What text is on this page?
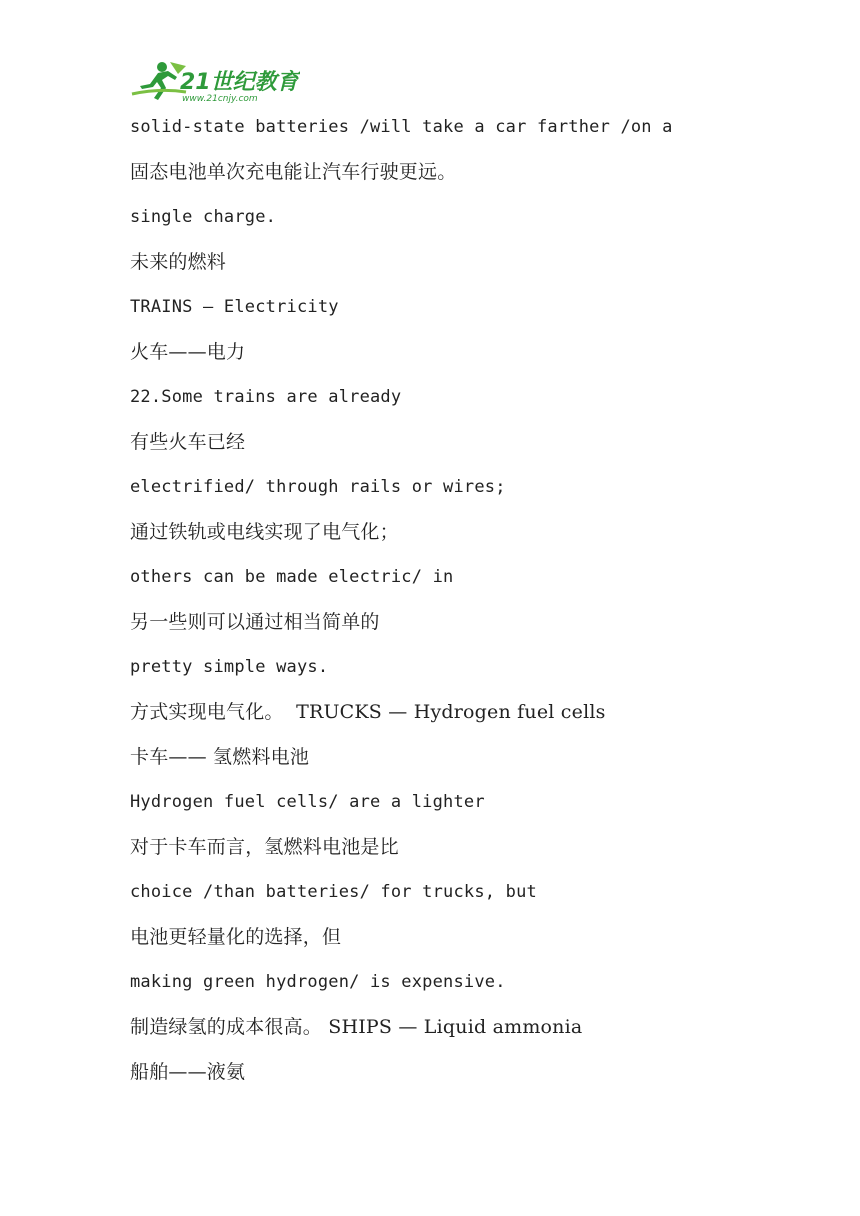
21世纪教育
www.21cnjy.com
solid-state batteries /will take a car farther /on a
固态电池单次充电能让汽车行驶更远。
single charge.
未来的燃料
TRAINS — Electricity
火车——电力
22.Some trains are already
有些火车已经
electrified/ through rails or wires;
通过铁轨或电线实现了电气化；
others can be made electric/ in
另一些则可以通过相当简单的
pretty simple ways.
方式实现电气化。  TRUCKS — Hydrogen fuel cells
卡车—— 氢燃料电池
Hydrogen fuel cells/ are a lighter
对于卡车而言，氢燃料电池是比
choice /than batteries/ for trucks, but
电池更轻量化的选择，但
making green hydrogen/ is expensive.
制造绿氢的成本很高。 SHIPS — Liquid ammonia
船舶——液氨
